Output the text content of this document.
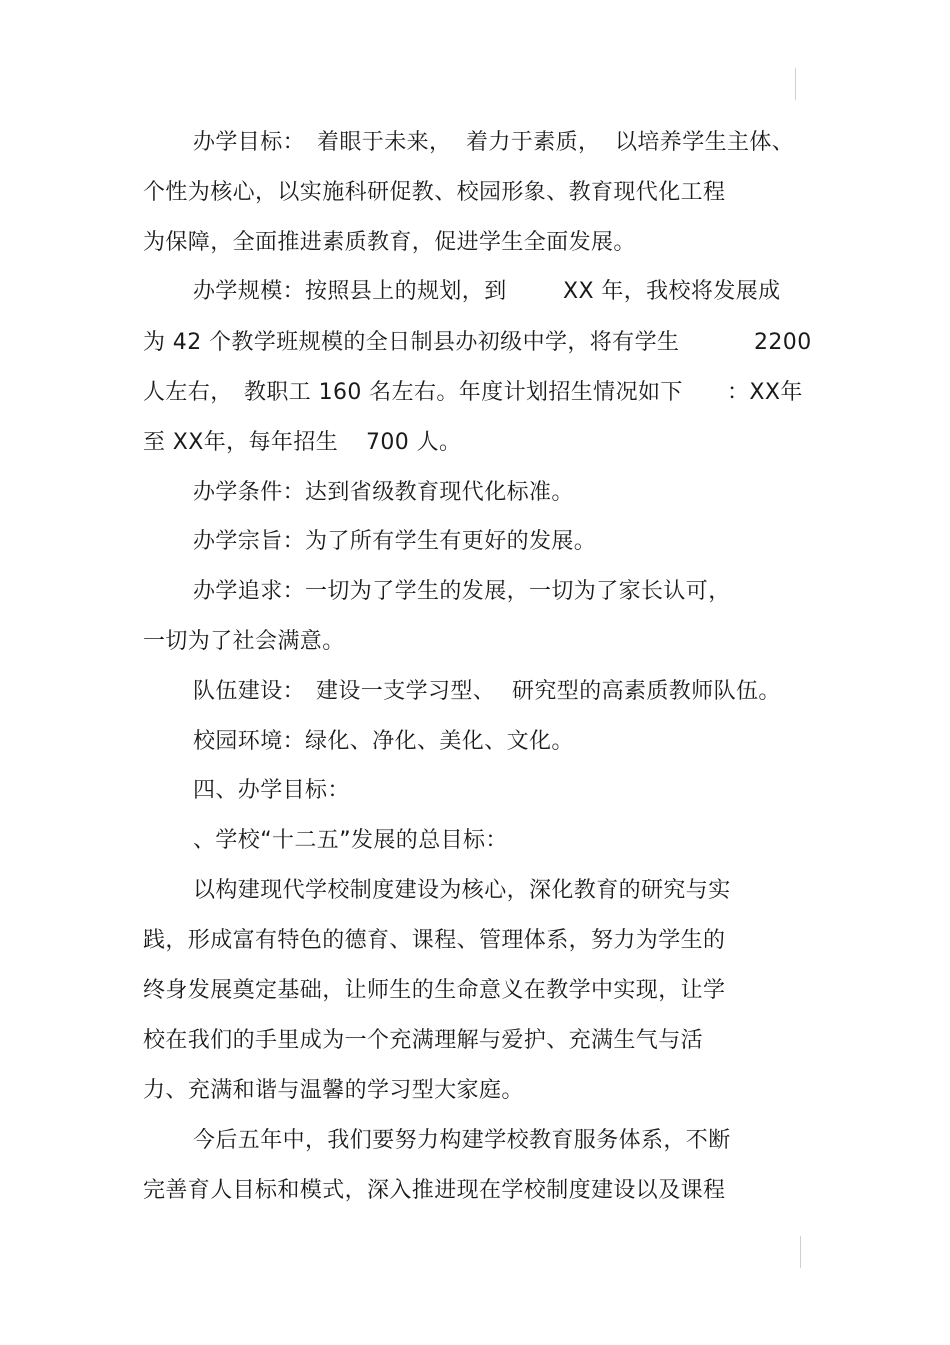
办学目标： 着眼于未来， 着力于素质， 以培养学生主体、
个性为核心，以实施科研促教、校园形象、教育现代化工程
为保障，全面推进素质教育，促进学生全面发展。
办学规模：按照县上的规划，到	XX 年，我校将发展成
为 42 个教学班规模的全日制县办初级中学，将有学生	2200
人左右， 教职工 160 名左右。年度计划招生情况如下 ：XX年
至 XX年，每年招生 700 人。
办学条件：达到省级教育现代化标准。
办学宗旨：为了所有学生有更好的发展。
办学追求：一切为了学生的发展，一切为了家长认可，
一切为了社会满意。
队伍建设： 建设一支学习型、 研究型的高素质教师队伍。
校园环境：绿化、净化、美化、文化。
四、办学目标：
、学校“十二五”发展的总目标：
以构建现代学校制度建设为核心，深化教育的研究与实
践，形成富有特色的德育、课程、管理体系，努力为学生的
终身发展奠定基础，让师生的生命意义在教学中实现，让学
校在我们的手里成为一个充满理解与爱护、充满生气与活
力、充满和谐与温馨的学习型大家庭。
今后五年中，我们要努力构建学校教育服务体系，不断
完善育人目标和模式，深入推进现在学校制度建设以及课程
